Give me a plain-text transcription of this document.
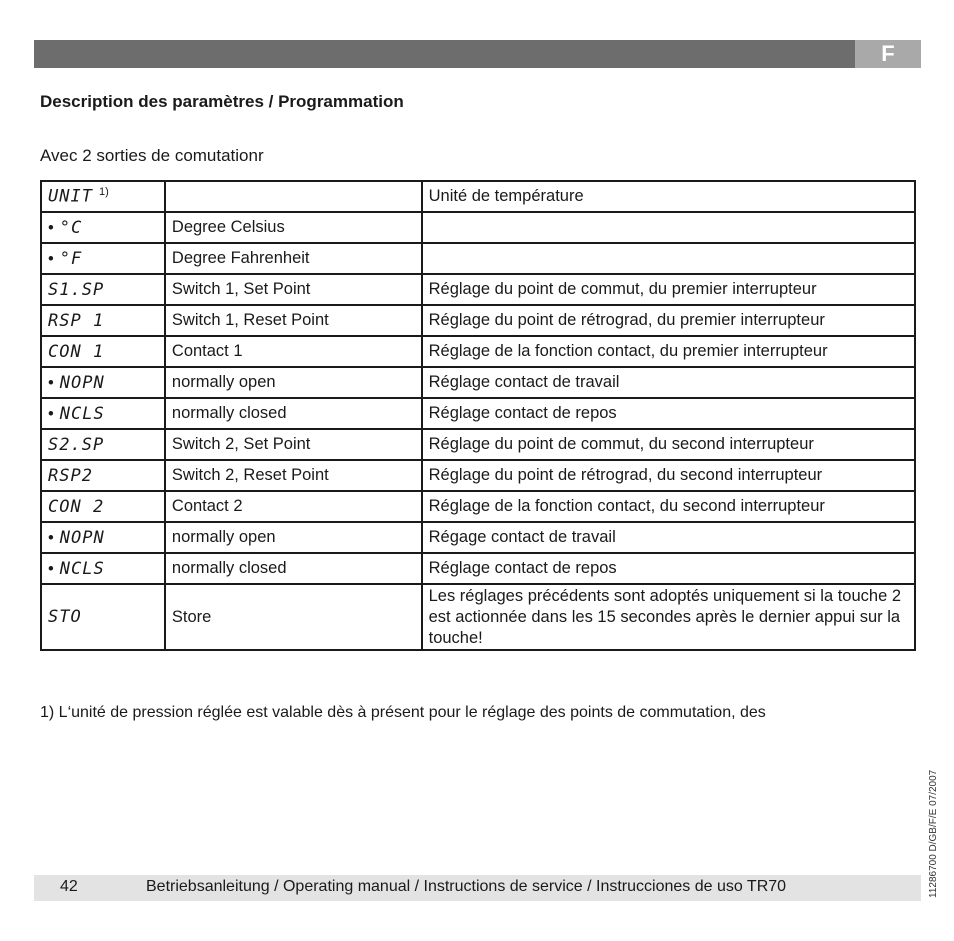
F
Description des paramètres / Programmation
Avec 2 sorties de comutationr
UNIT $^{1)}$		Unité de température
• °C	Degree Celsius	
• °F	Degree Fahrenheit	
S1.SP	Switch 1, Set Point	Réglage du point de commut, du premier interrupteur
RSP 1	Switch 1, Reset Point	Réglage du point de rétrograd, du premier interrupteur
CON 1	Contact 1	Réglage de la fonction contact, du premier interrupteur
• NOPN	normally open	Réglage contact de travail
• NCLS	normally closed	Réglage contact de repos
S2.SP	Switch 2, Set Point	Réglage du point de commut, du second interrupteur
RSP2	Switch 2, Reset Point	Réglage du point de rétrograd, du second interrupteur
CON 2	Contact 2	Réglage de la fonction contact, du second interrupteur
• NOPN	normally open	Régage contact de travail
• NCLS	normally closed	Réglage contact de repos
STO	Store	Les réglages précédents sont adoptés uniquement si la touche 2 est actionnée dans les 15 secondes après le dernier appui sur la touche!
1) L‘unité de pression réglée est valable dès à présent pour le réglage des points de commutation, des
42	Betriebsanleitung / Operating manual / Instructions de service / Instrucciones de uso TR70	11286700 D/GB/F/E 07/2007
